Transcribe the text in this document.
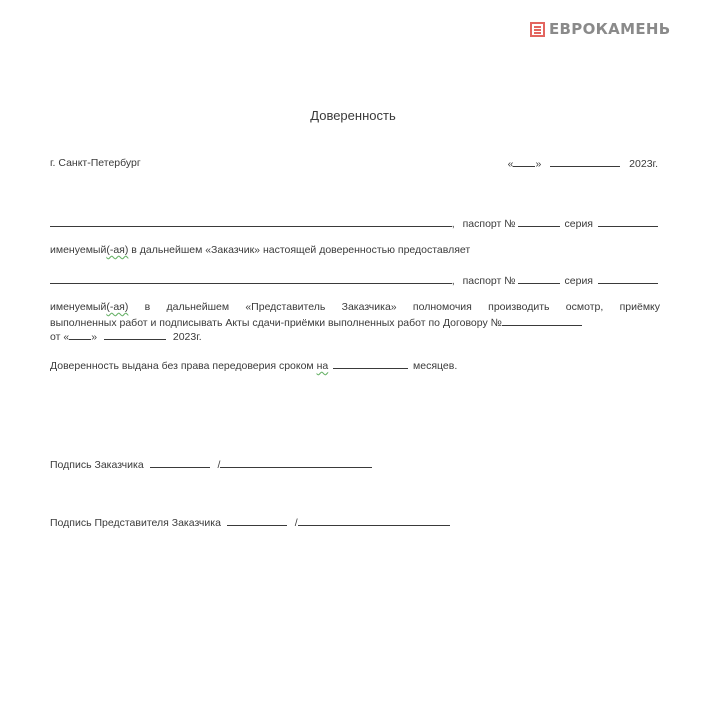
ЕВРОКАМЕНЬ
Доверенность
г. Санкт-Петербург	« »	2023г.
, паспорт №	серия
именуемый(-ая) в дальнейшем «Заказчик» настоящей доверенностью предоставляет
, паспорт №	серия
именуемый(-ая) в дальнейшем «Представитель Заказчика» полномочия производить осмотр, приёмку
выполненных работ и подписывать Акты сдачи-приёмки выполненных работ по Договору №
от « »	2023г.
Доверенность выдана без права передоверия сроком на	месяцев.
Подпись Заказчика	/
Подпись Представителя Заказчика	/
